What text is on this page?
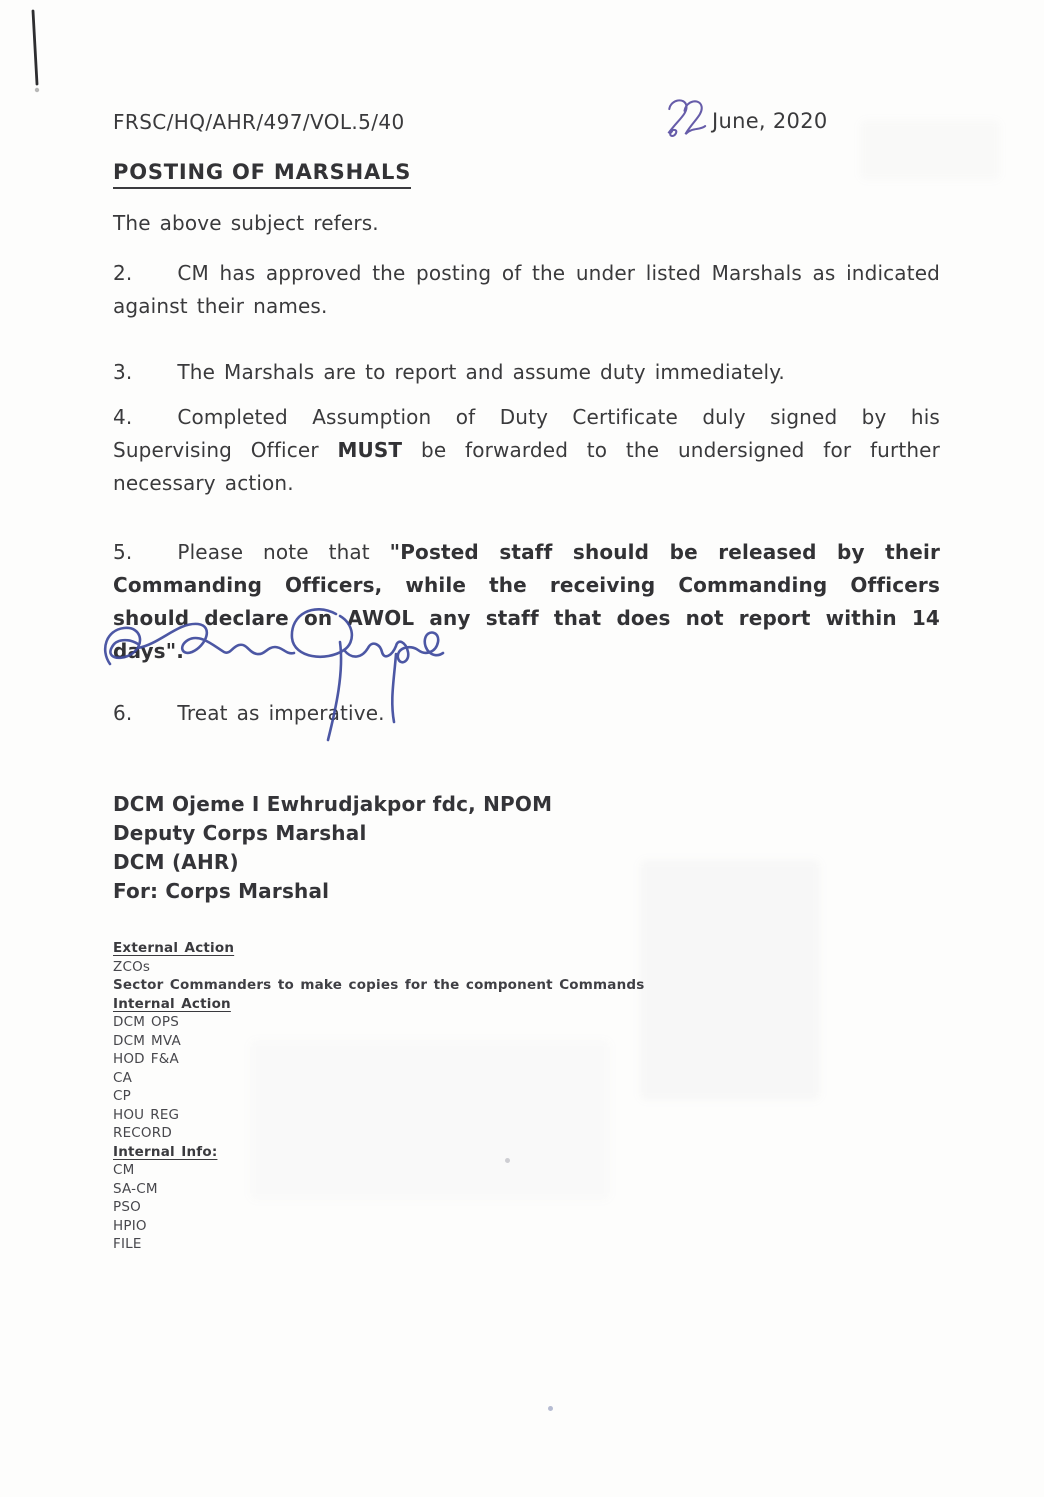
FRSC/HQ/AHR/497/VOL.5/40	June, 2020
POSTING OF MARSHALS

The above subject refers.

2. CM has approved the posting of the under listed Marshals as indicated against their names.

3. The Marshals are to report and assume duty immediately.

4. Completed Assumption of Duty Certificate duly signed by his Supervising Officer MUST be forwarded to the undersigned for further necessary action.

5. Please note that "Posted staff should be released by their Commanding Officers, while the receiving Commanding Officers should declare on AWOL any staff that does not report within 14 days".

6. Treat as imperative.

DCM Ojeme I Ewhrudjakpor fdc, NPOM
Deputy Corps Marshal
DCM (AHR)
For: Corps Marshal
External Action
ZCOs
Sector Commanders to make copies for the component Commands
Internal Action
DCM OPS
DCM MVA
HOD F&A
CA
CP
HOU REG
RECORD
Internal Info:
CM
SA-CM
PSO
HPIO
FILE
